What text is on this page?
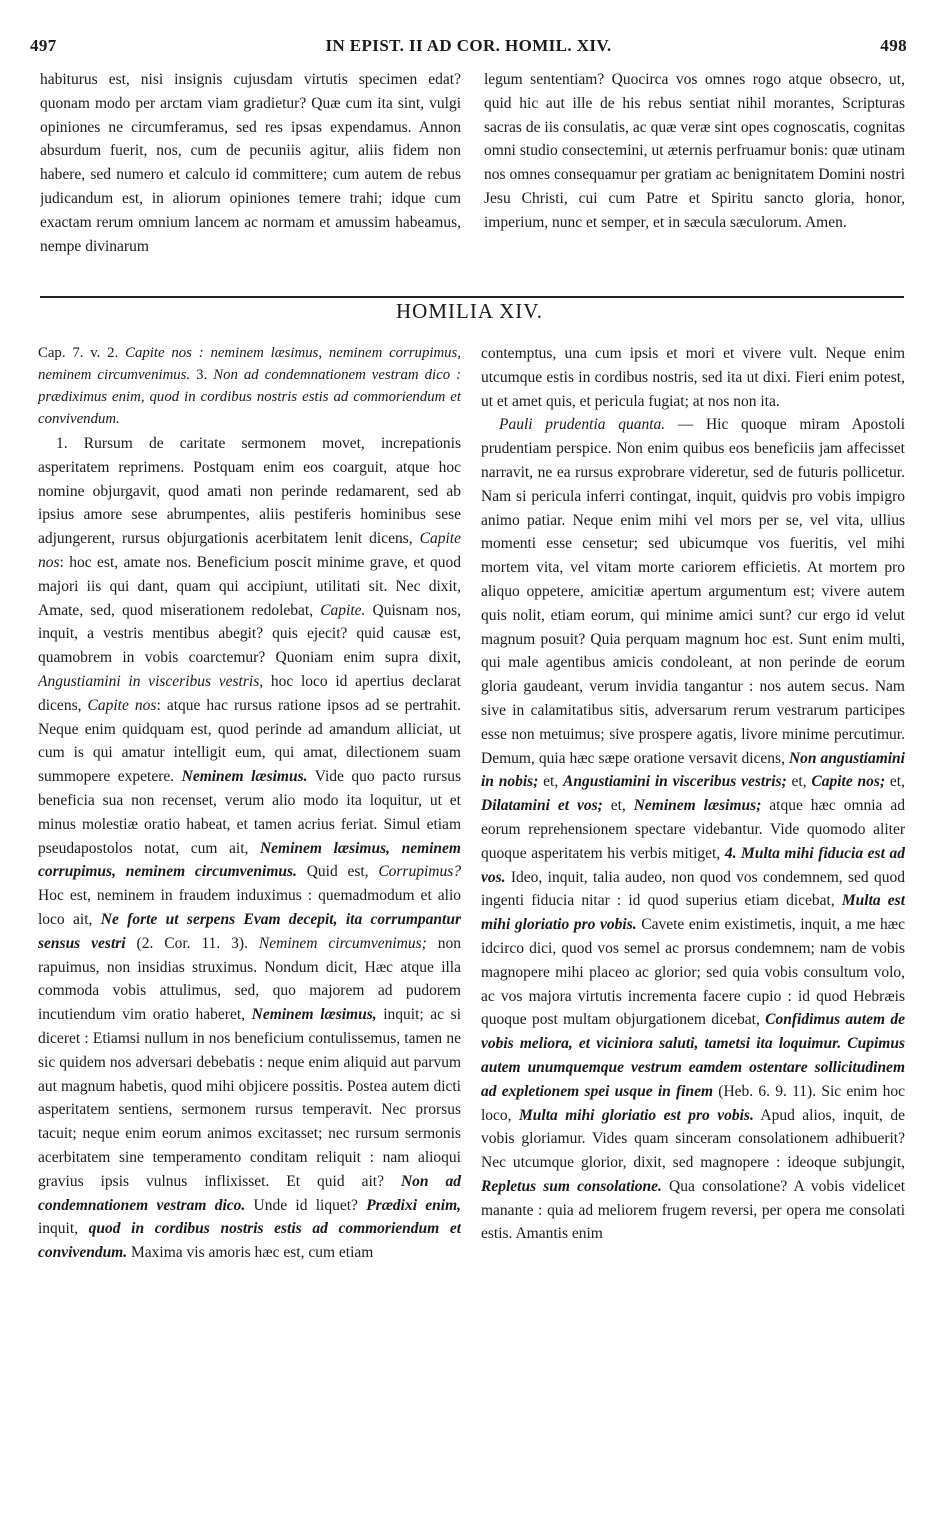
497	IN EPIST. II AD COR. HOMIL. XIV.	498

habiturus est, nisi insignis cujusdam virtutis specimen edat? quonam modo per arctam viam gradietur? Quæ cum ita sint, vulgi opiniones ne circumferamus, sed res ipsas expendamus. Annon absurdum fuerit, nos, cum de pecuniis agitur, aliis fidem non habere, sed numero et calculo id committere; cum autem de rebus judicandum est, in aliorum opiniones temere trahi; idque cum exactam rerum omnium lancem ac normam et amussim habeamus, nempe divinarum

legum sententiam? Quocirca vos omnes rogo atque obsecro, ut, quid hic aut ille de his rebus sentiat nihil morantes, Scripturas sacras de iis consulatis, ac quæ veræ sint opes cognoscatis, cognitas omni studio consectemini, ut æternis perfruamur bonis: quæ utinam nos omnes consequamur per gratiam ac benignitatem Domini nostri Jesu Christi, cui cum Patre et Spiritu sancto gloria, honor, imperium, nunc et semper, et in sæcula sæculorum. Amen.

HOMILIA XIV.

Cap. 7. v. 2. Capite nos : neminem læsimus, neminem corrupimus, neminem circumvenimus. 3. Non ad condemnationem vestram dico : prædiximus enim, quod in cordibus nostris estis ad commoriendum et convivendum.

1. Rursum de caritate sermonem movet, increpationis asperitatem reprimens. Postquam enim eos coarguit, atque hoc nomine objurgavit, quod amati non perinde redamarent, sed ab ipsius amore sese abrumpentes, aliis pestiferis hominibus sese adjungerent, rursus objurgationis acerbitatem lenit dicens, Capite nos: hoc est, amate nos. Beneficium poscit minime grave, et quod majori iis qui dant, quam qui accipiunt, utilitati sit. Nec dixit, Amate, sed, quod miserationem redolebat, Capite. Quisnam nos, inquit, a vestris mentibus abegit? quis ejecit? quid causæ est, quamobrem in vobis coarctemur? Quoniam enim supra dixit, Angustiamini in visceribus vestris, hoc loco id apertius declarat dicens, Capite nos: atque hac rursus ratione ipsos ad se pertrahit. Neque enim quidquam est, quod perinde ad amandum alliciat, ut cum is qui amatur intelligit eum, qui amat, dilectionem suam summopere expetere. Neminem læsimus. Vide quo pacto rursus beneficia sua non recenset, verum alio modo ita loquitur, ut et minus molestiæ oratio habeat, et tamen acrius feriat. Simul etiam pseudapostolos notat, cum ait, Neminem læsimus, neminem corrupimus, neminem circumvenimus. Quid est, Corrupimus? Hoc est, neminem in fraudem induximus : quemadmodum et alio loco ait, Ne forte ut serpens Evam decepit, ita corrumpantur sensus vestri (2. Cor. 11. 3). Neminem circumvenimus; non rapuimus, non insidias struximus. Nondum dicit, Hæc atque illa commoda vobis attulimus, sed, quo majorem ad pudorem incutiendum vim oratio haberet, Neminem læsimus, inquit; ac si diceret : Etiamsi nullum in nos beneficium contulissemus, tamen ne sic quidem nos adversari debebatis : neque enim aliquid aut parvum aut magnum habetis, quod mihi objicere possitis. Postea autem dicti asperitatem sentiens, sermonem rursus temperavit. Nec prorsus tacuit; neque enim eorum animos excitasset; nec rursum sermonis acerbitatem sine temperamento conditam reliquit : nam alioqui gravius ipsis vulnus inflixisset. Et quid ait? Non ad condemnationem vestram dico. Unde id liquet? Prædixi enim, inquit, quod in cordibus nostris estis ad commoriendum et convivendum. Maxima vis amoris hæc est, cum etiam

contemptus, una cum ipsis et mori et vivere vult. Neque enim utcumque estis in cordibus nostris, sed ita ut dixi. Fieri enim potest, ut et amet quis, et pericula fugiat; at nos non ita.

Pauli prudentia quanta. — Hic quoque miram Apostoli prudentiam perspice. Non enim quibus eos beneficiis jam affecisset narravit, ne ea rursus exprobrare videretur, sed de futuris pollicetur. Nam si pericula inferri contingat, inquit, quidvis pro vobis impigro animo patiar. Neque enim mihi vel mors per se, vel vita, ullius momenti esse censetur; sed ubicumque vos fueritis, vel mihi mortem vita, vel vitam morte cariorem efficietis. At mortem pro aliquo oppetere, amicitiæ apertum argumentum est; vivere autem quis nolit, etiam eorum, qui minime amici sunt? cur ergo id velut magnum posuit? Quia perquam magnum hoc est. Sunt enim multi, qui male agentibus amicis condoleant, at non perinde de eorum gloria gaudeant, verum invidia tangantur : nos autem secus. Nam sive in calamitatibus sitis, adversarum rerum vestrarum participes esse non metuimus; sive prospere agatis, livore minime percutimur. Demum, quia hæc sæpe oratione versavit dicens, Non angustiamini in nobis; et, Angustiamini in visceribus vestris; et, Capite nos; et, Dilatamini et vos; et, Neminem læsimus; atque hæc omnia ad eorum reprehensionem spectare videbantur. Vide quomodo aliter quoque asperitatem his verbis mitiget, 4. Multa mihi fiducia est ad vos. Ideo, inquit, talia audeo, non quod vos condemnem, sed quod ingenti fiducia nitar : id quod superius etiam dicebat, Multa est mihi gloriatio pro vobis. Cavete enim existimetis, inquit, a me hæc idcirco dici, quod vos semel ac prorsus condemnem; nam de vobis magnopere mihi placeo ac glorior; sed quia vobis consultum volo, ac vos majora virtutis incrementa facere cupio : id quod Hebræis quoque post multam objurgationem dicebat, Confidimus autem de vobis meliora, et viciniora saluti, tametsi ita loquimur. Cupimus autem unumquemque vestrum eamdem ostentare sollicitudinem ad expletionem spei usque in finem (Heb. 6. 9. 11). Sic enim hoc loco, Multa mihi gloriatio est pro vobis. Apud alios, inquit, de vobis gloriamur. Vides quam sinceram consolationem adhibuerit? Nec utcumque glorior, dixit, sed magnopere : ideoque subjungit, Repletus sum consolatione. Qua consolatione? A vobis videlicet manante : quia ad meliorem frugem reversi, per opera me consolati estis. Amantis enim
